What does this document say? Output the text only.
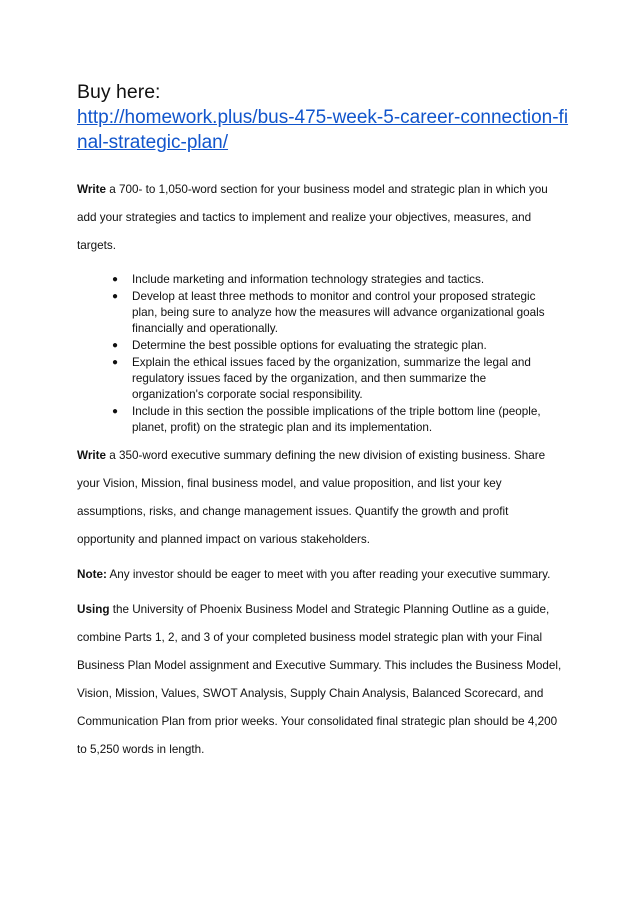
Buy here:

http://homework.plus/bus-475-week-5-career-connection-final-strategic-plan/

Write a 700- to 1,050-word section for your business model and strategic plan in which you add your strategies and tactics to implement and realize your objectives, measures, and targets.

● Include marketing and information technology strategies and tactics.
● Develop at least three methods to monitor and control your proposed strategic plan, being sure to analyze how the measures will advance organizational goals financially and operationally.
● Determine the best possible options for evaluating the strategic plan.
● Explain the ethical issues faced by the organization, summarize the legal and regulatory issues faced by the organization, and then summarize the organization's corporate social responsibility.
● Include in this section the possible implications of the triple bottom line (people, planet, profit) on the strategic plan and its implementation.

Write a 350-word executive summary defining the new division of existing business. Share your Vision, Mission, final business model, and value proposition, and list your key assumptions, risks, and change management issues. Quantify the growth and profit opportunity and planned impact on various stakeholders.

Note: Any investor should be eager to meet with you after reading your executive summary.

Using the University of Phoenix Business Model and Strategic Planning Outline as a guide, combine Parts 1, 2, and 3 of your completed business model strategic plan with your Final Business Plan Model assignment and Executive Summary. This includes the Business Model, Vision, Mission, Values, SWOT Analysis, Supply Chain Analysis, Balanced Scorecard, and Communication Plan from prior weeks. Your consolidated final strategic plan should be 4,200 to 5,250 words in length.
